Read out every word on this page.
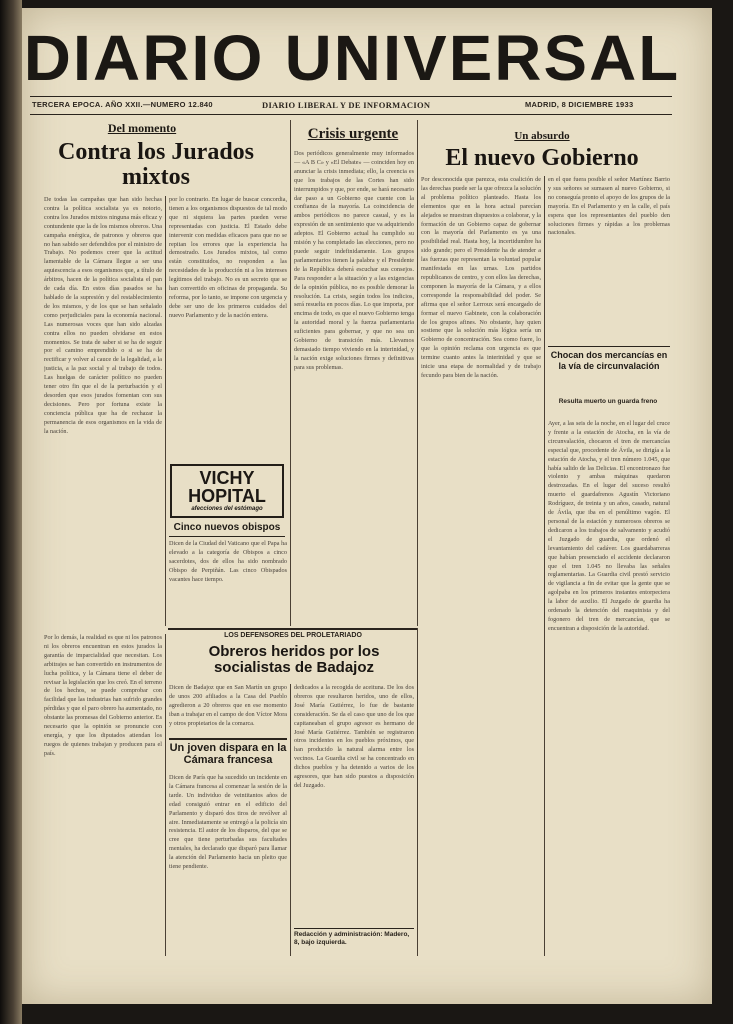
DIARIO UNIVERSAL
TERCERA EPOCA. AÑO XXII.—NUMERO 12.840	DIARIO LIBERAL Y DE INFORMACION	MADRID, 8 DICIEMBRE 1933
Del momento
Contra los Jurados mixtos
De todas las campañas que han sido hechas contra la política socialista ya es notorio, contra los Jurados mixtos ninguna más eficaz y contundente que la de los mismos obreros. Una campaña enérgica, de patronos y obreros que no han sabido ser defendidos por el ministro de Trabajo. No podemos creer que la actitud lamentable de la Cámara llegue a ser una aquiescencia a esos organismos que, a título de árbitros, hacen de la política socialista el pan de cada día. En estos días pasados se ha hablado de la supresión y del restablecimiento de los mismos, y de los que se han señalado como perjudiciales para la economía nacional. Las numerosas voces que han sido alzadas contra ellos no pueden olvidarse en estos momentos. Se trata de saber si se ha de seguir por el camino emprendido o si se ha de rectificar y volver al cauce de la legalidad, a la justicia, a la paz social y al trabajo de todos. Las huelgas de carácter político no pueden tener otro fin que el de la perturbación y el desorden que esos jurados fomentan con sus decisiones. Pero por fortuna existe la conciencia pública que ha de rechazar la permanencia de esos organismos en la vida de la nación.
por lo contrario. En lugar de buscar concordia, tienen a los organismos dispuestos de tal modo que ni siquiera las partes pueden verse representadas con justicia. El Estado debe intervenir con medidas eficaces para que no se repitan los errores que la experiencia ha demostrado. Los Jurados mixtos, tal como están constituidos, no responden a las necesidades de la producción ni a los intereses legítimos del trabajo. No es un secreto que se han convertido en oficinas de propaganda. Su reforma, por lo tanto, se impone con urgencia y debe ser uno de los primeros cuidados del nuevo Parlamento y de la nación entera.
VICHY
HOPITAL
afecciones del estómago
Cinco nuevos obispos
Dicen de la Ciudad del Vaticano que el Papa ha elevado a la categoría de Obispos a cinco sacerdotes, dos de ellos ha sido nombrado Obispo de Perpiñán. Las cinco Obispados vacantes hace tiempo.
Crisis urgente
Dos periódicos generalmente muy informados — «A B C» y «El Debate» — coinciden hoy en anunciar la crisis inmediata; ello, la creencia es que los trabajos de las Cortes han sido interrumpidos y que, por ende, se hará necesario dar paso a un Gobierno que cuente con la confianza de la mayoría. La coincidencia de ambos periódicos no parece casual, y es la expresión de un sentimiento que va adquiriendo adeptos. El Gobierno actual ha cumplido su misión y ha completado las elecciones, pero no puede seguir indefinidamente. Los grupos parlamentarios tienen la palabra y el Presidente de la República deberá escuchar sus consejos. Para responder a la situación y a las exigencias de la opinión pública, no es posible demorar la resolución. La crisis, según todos los indicios, será resuelta en pocos días. Lo que importa, por encima de todo, es que el nuevo Gobierno tenga la autoridad moral y la fuerza parlamentaria suficientes para gobernar, y que no sea un Gobierno de transición más. Llevamos demasiado tiempo viviendo en la interinidad, y la nación exige soluciones firmes y definitivas para sus problemas.
Un absurdo
El nuevo Gobierno
Por desconocida que parezca, esta coalición de las derechas puede ser la que ofrezca la solución al problema político planteado. Hasta los elementos que en la hora actual parecían alejados se muestran dispuestos a colaborar, y la formación de un Gobierno capaz de gobernar con la mayoría del Parlamento es ya una posibilidad real. Hasta hoy, la incertidumbre ha sido grande; pero el Presidente ha de atender a las fuerzas que representan la voluntad popular manifestada en las urnas. Los partidos republicanos de centro, y con ellos las derechas, componen la mayoría de la Cámara, y a ellos corresponde la responsabilidad del poder. Se afirma que el señor Lerroux será encargado de formar el nuevo Gabinete, con la colaboración de los grupos afines. No obstante, hay quien sostiene que la solución más lógica sería un Gobierno de concentración. Sea como fuere, lo que la opinión reclama con urgencia es que termine cuanto antes la interinidad y que se inicie una etapa de normalidad y de trabajo fecundo para bien de la nación.
en el que fuera posible el señor Martínez Barrio y sus señores se sumasen al nuevo Gobierno, si no conseguía pronto el apoyo de los grupos de la mayoría. En el Parlamento y en la calle, el país espera que los representantes del pueblo den soluciones firmes y rápidas a los problemas nacionales.
Chocan dos mercancías en la vía de circunvalación
Resulta muerto un guarda freno
Ayer, a las seis de la noche, en el lugar del cruce y frente a la estación de Atocha, en la vía de circunvalación, chocaron el tren de mercancías especial que, procedente de Ávila, se dirigía a la estación de Atocha, y el tren número 1.045, que había salido de las Delicias. El encontronazo fue violento y ambas máquinas quedaron destrozadas. En el lugar del suceso resultó muerto el guardafrenos Agustín Victoriano Rodríguez, de treinta y un años, casado, natural de Ávila, que iba en el penúltimo vagón. El personal de la estación y numerosos obreros se dedicaron a los trabajos de salvamento y acudió el Juzgado de guardia, que ordenó el levantamiento del cadáver. Los guardabarreras que habían presenciado el accidente declararon que el tren 1.045 no llevaba las señales reglamentarias. La Guardia civil prestó servicio de vigilancia a fin de evitar que la gente que se agolpaba en los primeros instantes entorpeciera la labor de auxilio. El Juzgado de guardia ha ordenado la detención del maquinista y del fogonero del tren de mercancías, que se encuentran a disposición de la autoridad.
LOS DEFENSORES DEL PROLETARIADO
Obreros heridos por los socialistas de Badajoz
Dicen de Badajoz que en San Martín un grupo de unos 200 afiliados a la Casa del Pueblo agredieron a 20 obreros que en ese momento iban a trabajar en el campo de don Víctor Mora y otros propietarios de la comarca.
dedicados a la recogida de aceituna. De los dos obreros que resultaron heridos, uno de ellos, José María Gutiérrez, lo fue de bastante consideración. Se da el caso que uno de los que capitaneaban el grupo agresor es hermano de José María Gutiérrez. También se registraron otros incidentes en los pueblos próximos, que han producido la natural alarma entre los vecinos. La Guardia civil se ha concentrado en dichos pueblos y ha detenido a varios de los agresores, que han sido puestos a disposición del Juzgado.
Redacción y administración: Madero, 8, bajo izquierda.
Un joven dispara en la Cámara francesa
Dicen de París que ha sucedido un incidente en la Cámara francesa al comenzar la sesión de la tarde. Un individuo de veintitantos años de edad consiguió entrar en el edificio del Parlamento y disparó dos tiros de revólver al aire. Inmediatamente se entregó a la policía sin resistencia. El autor de los disparos, del que se cree que tiene perturbadas sus facultades mentales, ha declarado que disparó para llamar la atención del Parlamento hacia un pleito que tiene pendiente.
Por lo demás, la realidad es que ni los patronos ni los obreros encuentran en estos jurados la garantía de imparcialidad que necesitan. Los arbitrajes se han convertido en instrumentos de lucha política, y la Cámara tiene el deber de revisar la legislación que los creó. En el terreno de los hechos, se puede comprobar con facilidad que las industrias han sufrido grandes pérdidas y que el paro obrero ha aumentado, no obstante las promesas del Gobierno anterior. Es necesario que la opinión se pronuncie con energía, y que los diputados atiendan los ruegos de quienes trabajan y producen para el país.
